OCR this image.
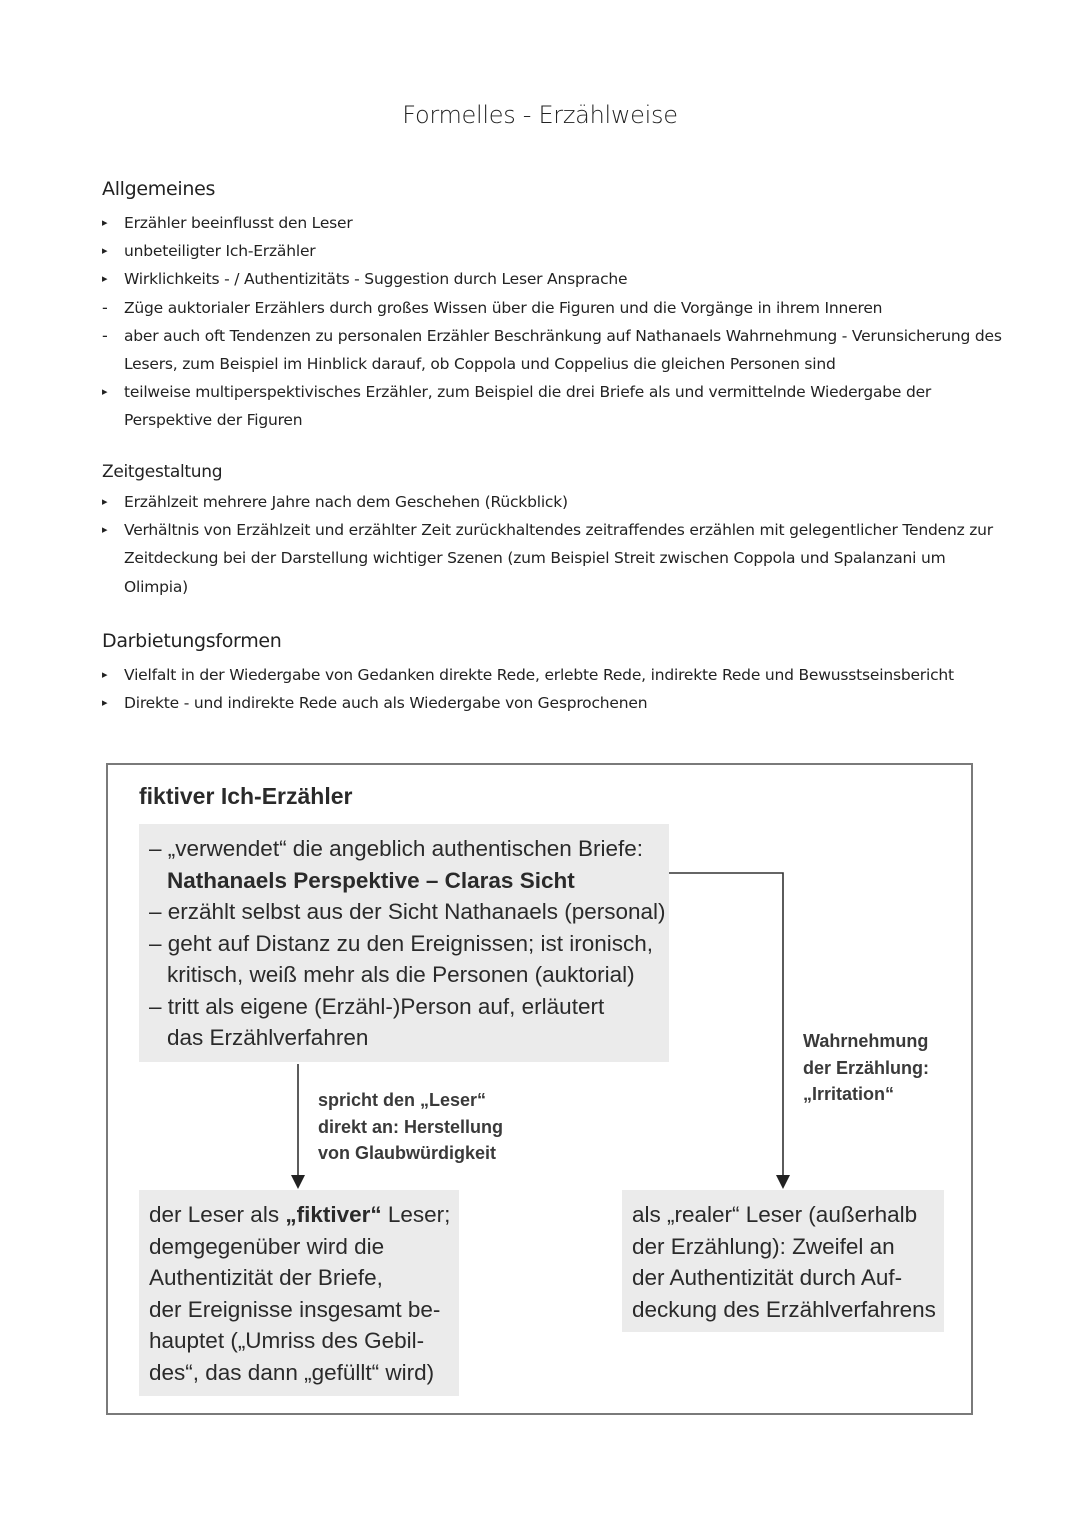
Formelles - Erzählweise
Allgemeines
▸	Erzähler beeinflusst den Leser
▸	unbeteiligter Ich-Erzähler
▸	Wirklichkeits - / Authentizitäts - Suggestion durch Leser Ansprache
-	Züge auktorialer Erzählers durch großes Wissen über die Figuren und die Vorgänge in ihrem Inneren
-	aber auch oft Tendenzen zu personalen Erzähler Beschränkung auf Nathanaels Wahrnehmung - Verunsicherung des Lesers, zum Beispiel im Hinblick darauf, ob Coppola und Coppelius die gleichen Personen sind
▸	teilweise multiperspektivisches Erzähler, zum Beispiel die drei Briefe als und vermittelnde Wiedergabe der Perspektive der Figuren
Zeitgestaltung
▸	Erzählzeit mehrere Jahre nach dem Geschehen (Rückblick)
▸	Verhältnis von Erzählzeit und erzählter Zeit zurückhaltendes zeitraffendes erzählen mit gelegentlicher Tendenz zur Zeitdeckung bei der Darstellung wichtiger Szenen (zum Beispiel Streit zwischen Coppola und Spalanzani um Olimpia)
Darbietungsformen
▸	Vielfalt in der Wiedergabe von Gedanken direkte Rede, erlebte Rede, indirekte Rede und Bewusstseinsbericht
▸	Direkte - und indirekte Rede auch als Wiedergabe von Gesprochenen
fiktiver Ich-Erzähler
– „verwendet“ die angeblich authentischen Briefe:
Nathanaels Perspektive – Claras Sicht
– erzählt selbst aus der Sicht Nathanaels (personal)
– geht auf Distanz zu den Ereignissen; ist ironisch,
kritisch, weiß mehr als die Personen (auktorial)
– tritt als eigene (Erzähl-)Person auf, erläutert
das Erzählverfahren
spricht den „Leser“
direkt an: Herstellung
von Glaubwürdigkeit
Wahrnehmung
der Erzählung:
„Irritation“
der Leser als „fiktiver“ Leser;
demgegenüber wird die
Authentizität der Briefe,
der Ereignisse insgesamt be-
hauptet („Umriss des Gebil-
des“, das dann „gefüllt“ wird)
als „realer“ Leser (außerhalb
der Erzählung): Zweifel an
der Authentizität durch Auf-
deckung des Erzählverfahrens
